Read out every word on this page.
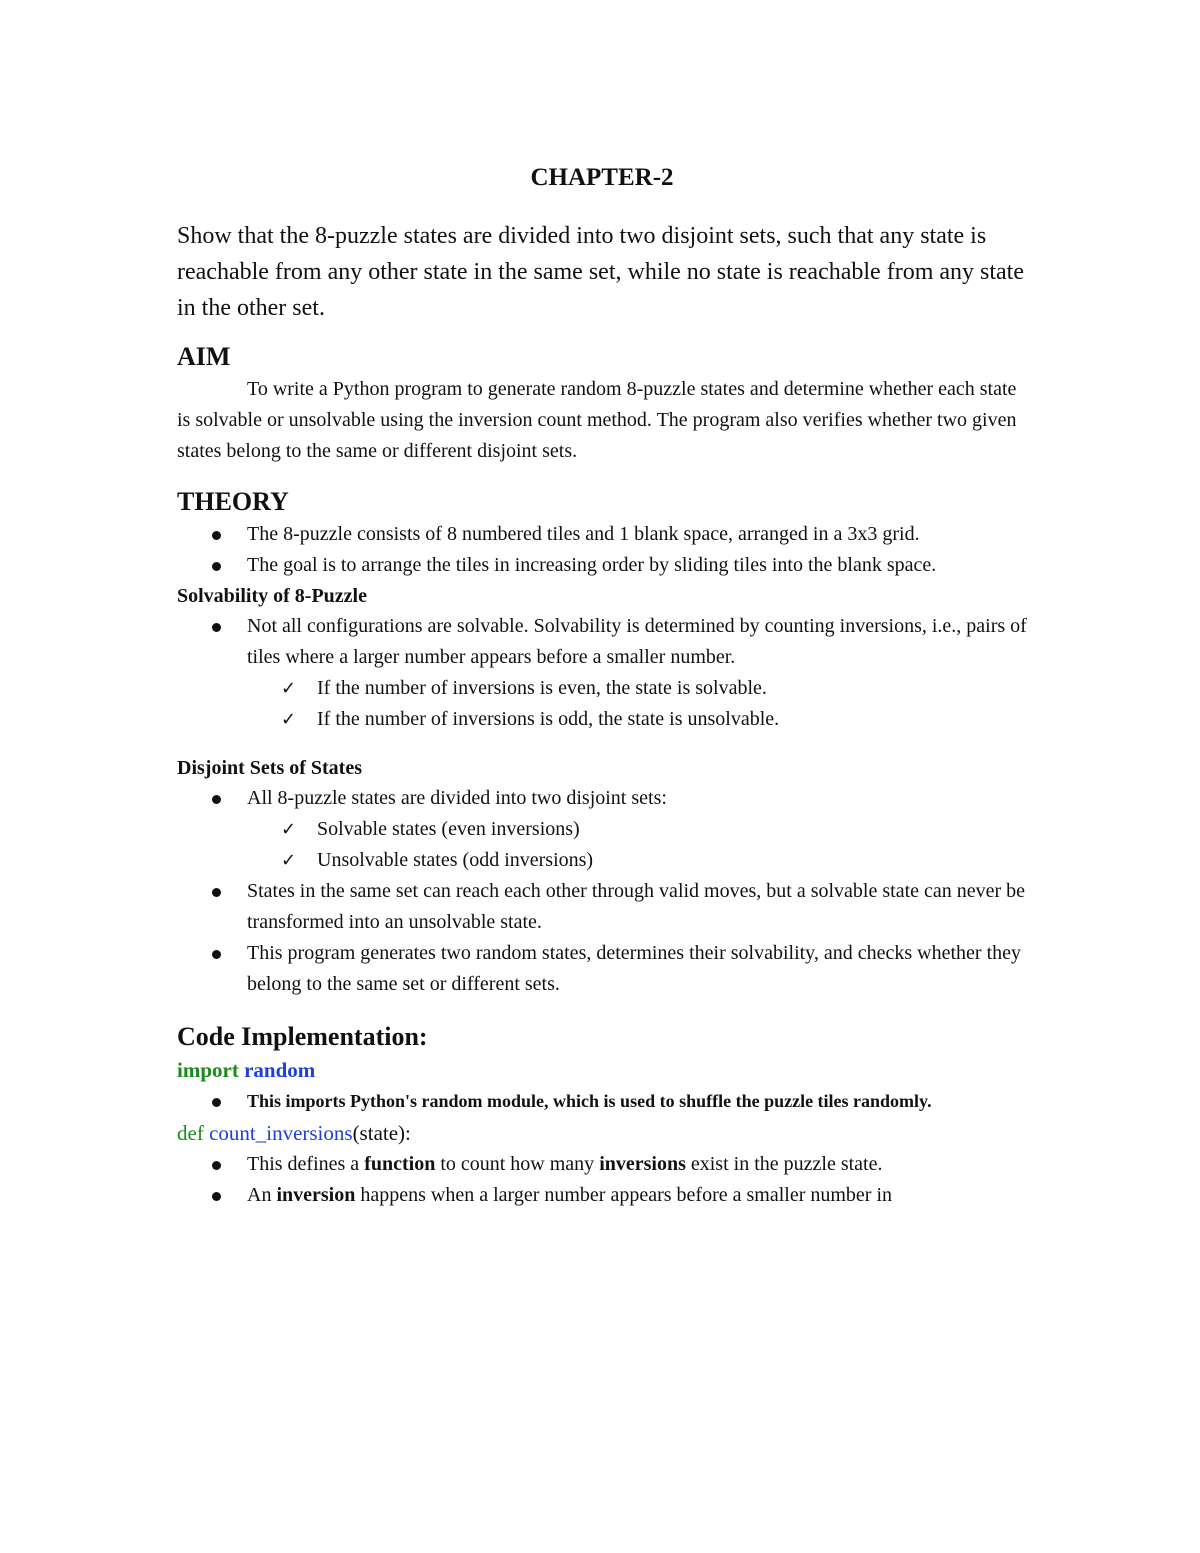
CHAPTER-2

Show that the 8-puzzle states are divided into two disjoint sets, such that any state is reachable from any other state in the same set, while no state is reachable from any state in the other set.

AIM

To write a Python program to generate random 8-puzzle states and determine whether each state is solvable or unsolvable using the inversion count method. The program also verifies whether two given states belong to the same or different disjoint sets.

THEORY

The 8-puzzle consists of 8 numbered tiles and 1 blank space, arranged in a 3x3 grid.
The goal is to arrange the tiles in increasing order by sliding tiles into the blank space.

Solvability of 8-Puzzle

Not all configurations are solvable. Solvability is determined by counting inversions, i.e., pairs of tiles where a larger number appears before a smaller number.
✓ If the number of inversions is even, the state is solvable.
✓ If the number of inversions is odd, the state is unsolvable.

Disjoint Sets of States

All 8-puzzle states are divided into two disjoint sets:
✓ Solvable states (even inversions)
✓ Unsolvable states (odd inversions)
States in the same set can reach each other through valid moves, but a solvable state can never be transformed into an unsolvable state.
This program generates two random states, determines their solvability, and checks whether they belong to the same set or different sets.

Code Implementation:

import random

This imports Python's random module, which is used to shuffle the puzzle tiles randomly.

def count_inversions(state):

This defines a function to count how many inversions exist in the puzzle state.
An inversion happens when a larger number appears before a smaller number in
